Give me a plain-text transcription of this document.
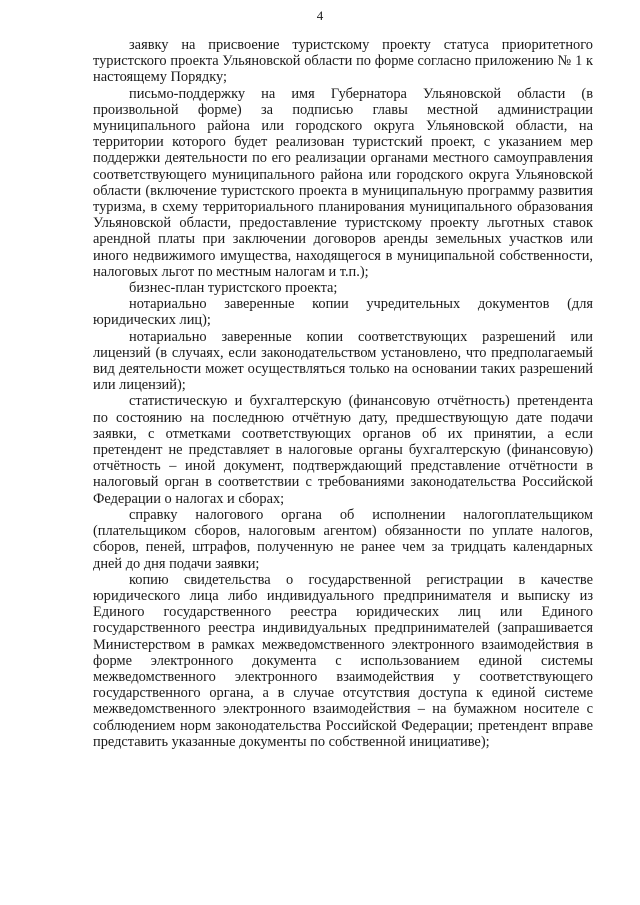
4

заявку на присвоение туристскому проекту статуса приоритетного туристского проекта Ульяновской области по форме согласно приложению № 1 к настоящему Порядку;

письмо-поддержку на имя Губернатора Ульяновской области (в произвольной форме) за подписью главы местной администрации муниципального района или городского округа Ульяновской области, на территории которого будет реализован туристский проект, с указанием мер поддержки деятельности по его реализации органами местного самоуправления соответствующего муниципального района или городского округа Ульяновской области (включение туристского проекта в муниципальную программу развития туризма, в схему территориального планирования муниципального образования Ульяновской области, предоставление туристскому проекту льготных ставок арендной платы при заключении договоров аренды земельных участков или иного недвижимого имущества, находящегося в муниципальной собственности, налоговых льгот по местным налогам и т.п.);

бизнес-план туристского проекта;

нотариально заверенные копии учредительных документов (для юридических лиц);

нотариально заверенные копии соответствующих разрешений или лицензий (в случаях, если законодательством установлено, что предполагаемый вид деятельности может осуществляться только на основании таких разрешений или лицензий);

статистическую и бухгалтерскую (финансовую отчётность) претендента по состоянию на последнюю отчётную дату, предшествующую дате подачи заявки, с отметками соответствующих органов об их принятии, а если претендент не представляет в налоговые органы бухгалтерскую (финансовую) отчётность – иной документ, подтверждающий представление отчётности в налоговый орган в соответствии с требованиями законодательства Российской Федерации о налогах и сборах;

справку налогового органа об исполнении налогоплательщиком (плательщиком сборов, налоговым агентом) обязанности по уплате налогов, сборов, пеней, штрафов, полученную не ранее чем за тридцать календарных дней до дня подачи заявки;

копию свидетельства о государственной регистрации в качестве юридического лица либо индивидуального предпринимателя и выписку из Единого государственного реестра юридических лиц или Единого государственного реестра индивидуальных предпринимателей (запрашивается Министерством в рамках межведомственного электронного взаимодействия в форме электронного документа с использованием единой системы межведомственного электронного взаимодействия у соответствующего государственного органа, а в случае отсутствия доступа к единой системе межведомственного электронного взаимодействия – на бумажном носителе с соблюдением норм законодательства Российской Федерации; претендент вправе представить указанные документы по собственной инициативе);
